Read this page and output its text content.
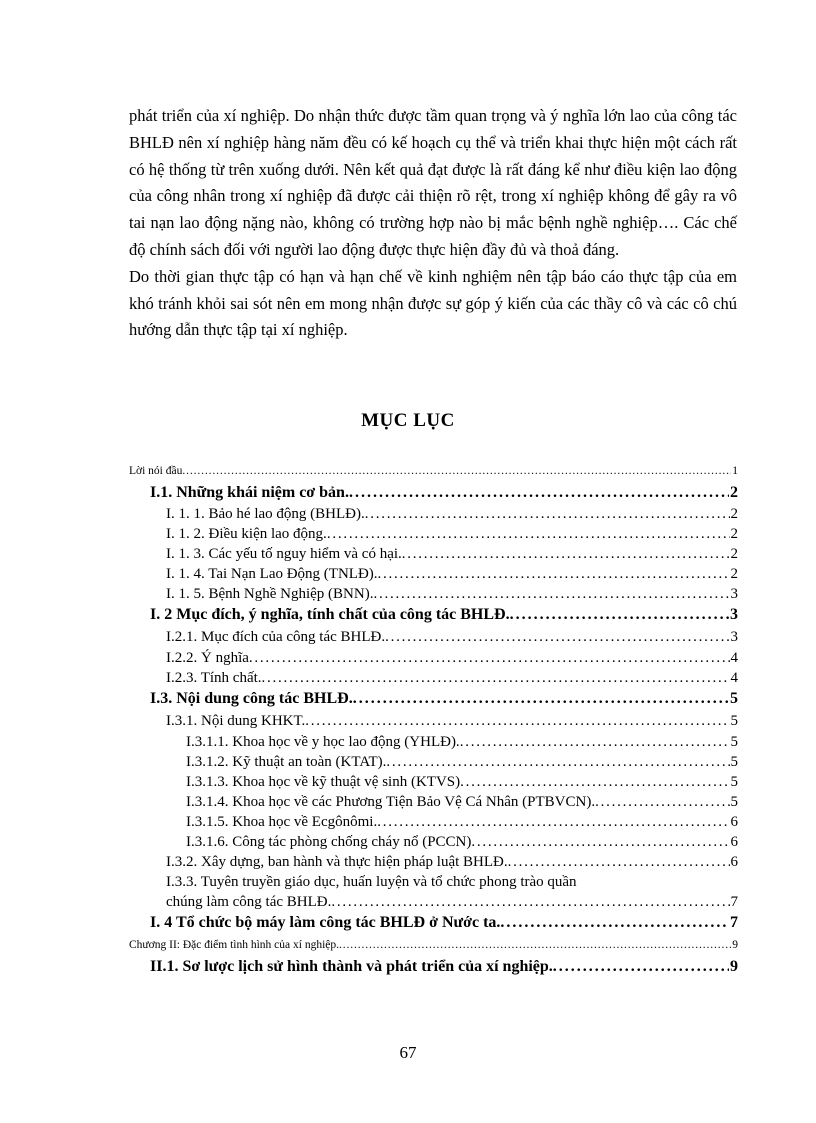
phát triển của xí nghiệp. Do nhận thức được tầm quan trọng và ý nghĩa lớn lao của công tác BHLĐ nên xí nghiệp hàng năm đều có kế hoạch cụ thể và triển khai thực hiện một cách rất có hệ thống từ trên xuống dưới. Nên kết quả đạt được là rất đáng kể như điều kiện lao động của công nhân trong xí nghiệp đã được cải thiện rõ rệt, trong xí nghiệp không để gây ra vô tai nạn lao động nặng nào, không có trường hợp nào bị mắc bệnh nghề nghiệp…. Các chế độ chính sách đối với người lao động được thực hiện đầy đủ và thoả đáng.

Do thời gian thực tập có hạn và hạn chế về kinh nghiệm nên tập báo cáo thực tập của em khó tránh khỏi sai sót nên em mong nhận được sự góp ý kiến của các thầy cô và các cô chú hướng dẫn thực tập tại xí nghiệp.

MỤC LỤC
Lời nói đầu . . .	1
I.1. Những khái niệm cơ bản. . . .	2
I. 1. 1. Bảo hé lao động (BHLĐ). . . .	2
I. 1. 2. Điều kiện lao động. . . .	2
I. 1. 3. Các yếu tố nguy hiểm và có hại. . . .	2
I. 1. 4. Tai Nạn Lao Động (TNLĐ). . . .	2
I. 1. 5. Bệnh Nghề Nghiệp (BNN). . . .	3
I. 2 Mục đích, ý nghĩa, tính chất của công tác BHLĐ. . . .	3
I.2.1. Mục đích của công tác BHLĐ. . . .	3
I.2.2. Ý nghĩa . . .	4
I.2.3. Tính chất. . . .	4
I.3. Nội dung công tác BHLĐ. . . .	5
I.3.1. Nội dung KHKT. . . .	5
I.3.1.1. Khoa học về y học lao động (YHLĐ). . . .	5
I.3.1.2. Kỹ thuật an toàn (KTAT). . . .	5
I.3.1.3. Khoa học về kỹ thuật vệ sinh (KTVS) . . .	5
I.3.1.4. Khoa học về các Phương Tiện Bảo Vệ Cá Nhân (PTBVCN). . . .	5
I.3.1.5. Khoa học về Ecgônômi. . . .	6
I.3.1.6. Công tác phòng chống cháy nổ (PCCN) . . .	6
I.3.2. Xây dựng, ban hành và thực hiện pháp luật BHLĐ. . . .	6
I.3.3. Tuyên truyền giáo dục, huấn luyện và tổ chức phong trào quần
chúng làm công tác BHLĐ. . . .	7
I. 4 Tổ chức bộ máy làm công tác BHLĐ ở Nước ta. . . .	7
Chương II: Đặc điểm tình hình của xí nghiệp. . . .	9
II.1. Sơ lược lịch sử hình thành và phát triển của xí nghiệp. . . .	9
67
